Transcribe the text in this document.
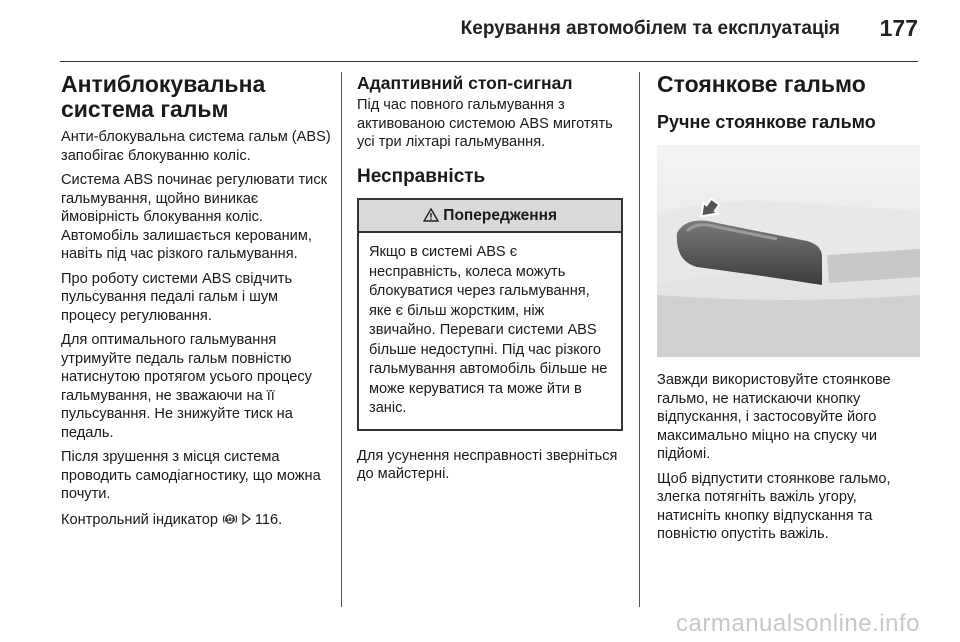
Керування автомобілем та експлуатація 177
Антиблокувальна система гальм

Анти-блокувальна система гальм (ABS) запобігає блокуванню коліс.

Система ABS починає регулювати тиск гальмування, щойно виникає ймовірність блокування коліс. Автомобіль залишається керованим, навіть під час різкого гальмування.

Про роботу системи ABS свідчить пульсування педалі гальм і шум процесу регулювання.

Для оптимального гальмування утримуйте педаль гальм повністю натиснутою протягом усього процесу гальмування, не зважаючи на її пульсування. Не знижуйте тиск на педаль.

Після зрушення з місця система проводить самодіагностику, що можна почути.

Контрольний індикатор ABS 116.

Адаптивний стоп-сигнал

Під час повного гальмування з активованою системою ABS миготять усі три ліхтарі гальмування.

Несправність
Попередження
Якщо в системі ABS є несправність, колеса можуть блокуватися через гальмування, яке є більш жорстким, ніж звичайно. Переваги системи ABS більше недоступні. Під час різкого гальмування автомобіль більше не може керуватися та може йти в заніс.

Для усунення несправності зверніться до майстерні.

Стоянкове гальмо
Ручне стоянкове гальмо

Завжди використовуйте стоянкове гальмо, не натискаючи кнопку відпускання, і застосовуйте його максимально міцно на спуску чи підйомі.

Щоб відпустити стоянкове гальмо, злегка потягніть важіль угору, натисніть кнопку відпускання та повністю опустіть важіль.

carmanualsonline.info
